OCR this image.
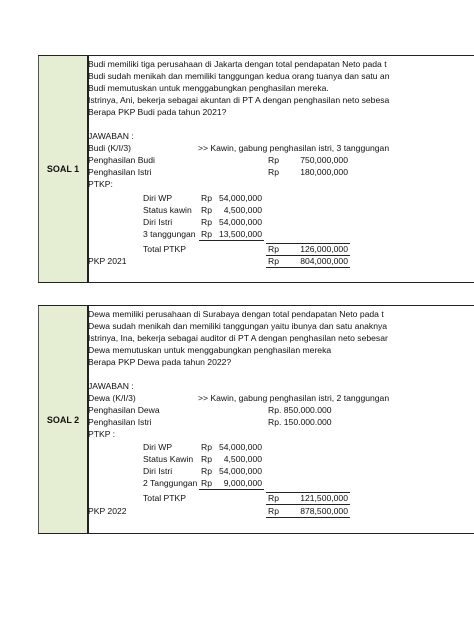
SOAL 1
Budi memiliki tiga perusahaan di Jakarta dengan total pendapatan Neto pada t
Budi sudah menikah dan memiliki tanggungan kedua orang tuanya dan satu an
Budi memutuskan untuk menggabungkan penghasilan mereka.
Istrinya, Ani, bekerja sebagai akuntan di PT A dengan penghasilan neto sebesa
Berapa PKP Budi pada tahun 2021?
JAWABAN :
Budi (K/I/3)	>> Kawin, gabung penghasilan istri, 3 tanggungan
Penghasilan Budi	Rp	750,000,000
Penghasilan Istri	Rp	180,000,000
PTKP:
Diri WP	Rp 54,000,000
Status kawin Rp	4,500,000
Diri Istri	Rp 54,000,000
3 tanggungan Rp 13,500,000
Total PTKP	Rp	126,000,000
PKP 2021	Rp	804,000,000
SOAL 2
Dewa memiliki perusahaan di Surabaya dengan total pendapatan Neto pada t
Dewa sudah menikah dan memiliki tanggungan yaitu ibunya dan satu anaknya
Istrinya, Ina, bekerja sebagai auditor di PT A dengan penghasilan neto sebesar
Dewa memutuskan untuk menggabungkan penghasilan mereka
Berapa PKP Dewa pada tahun 2022?
JAWABAN :
Dewa (K/I/3)	>> Kawin, gabung penghasilan istri, 2 tanggungan
Penghasilan Dewa	Rp. 850.000.000
Penghasilan Istri	Rp. 150.000.000
PTKP :
Diri WP	Rp 54,000,000
Status Kawin Rp	4,500,000
Diri Istri	Rp 54,000,000
2 Tanggungan Rp	9,000,000
Total PTKP	Rp	121,500,000
PKP 2022	Rp	878,500,000
